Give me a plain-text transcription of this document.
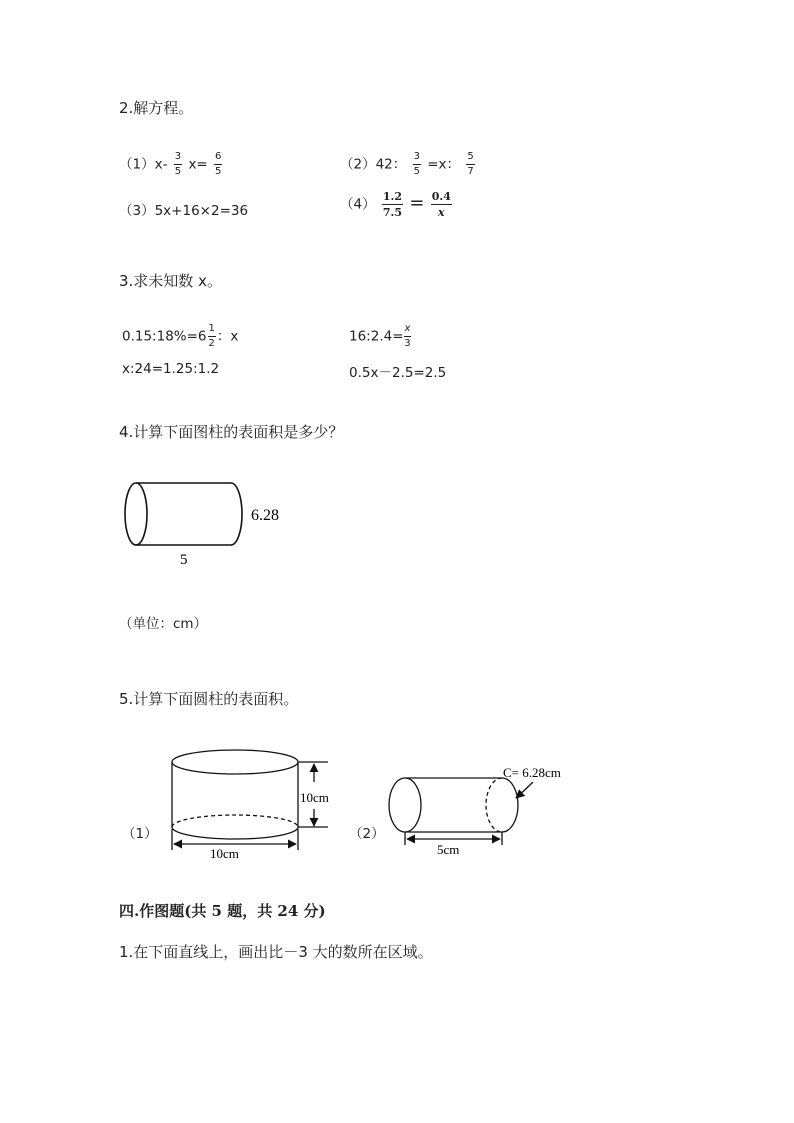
2.解方程。
$(1)x- \frac{3}{5} x= \frac{6}{5}$	（2）42： $\frac{3}{5} =x$： $\frac{5}{7}$
（3）5x+16×2=36	$(4) \frac{1.2}{7.5} = \frac{0.4}{x}$
3.求未知数 x。
0.15:18%=6 $\frac{1}{2}$ ：x	16:2.4= $\frac{x}{3}$
x:24=1.25:1.2	0.5x－2.5=2.5
4.计算下面图柱的表面积是多少？
6.28
5
（单位：cm）
5.计算下面圆柱的表面积。
（1）
10cm
10cm
（2）
C= 6.28cm
5cm
四.作图题(共 5 题，共 24 分)
1.在下面直线上，画出比－3 大的数所在区域。
